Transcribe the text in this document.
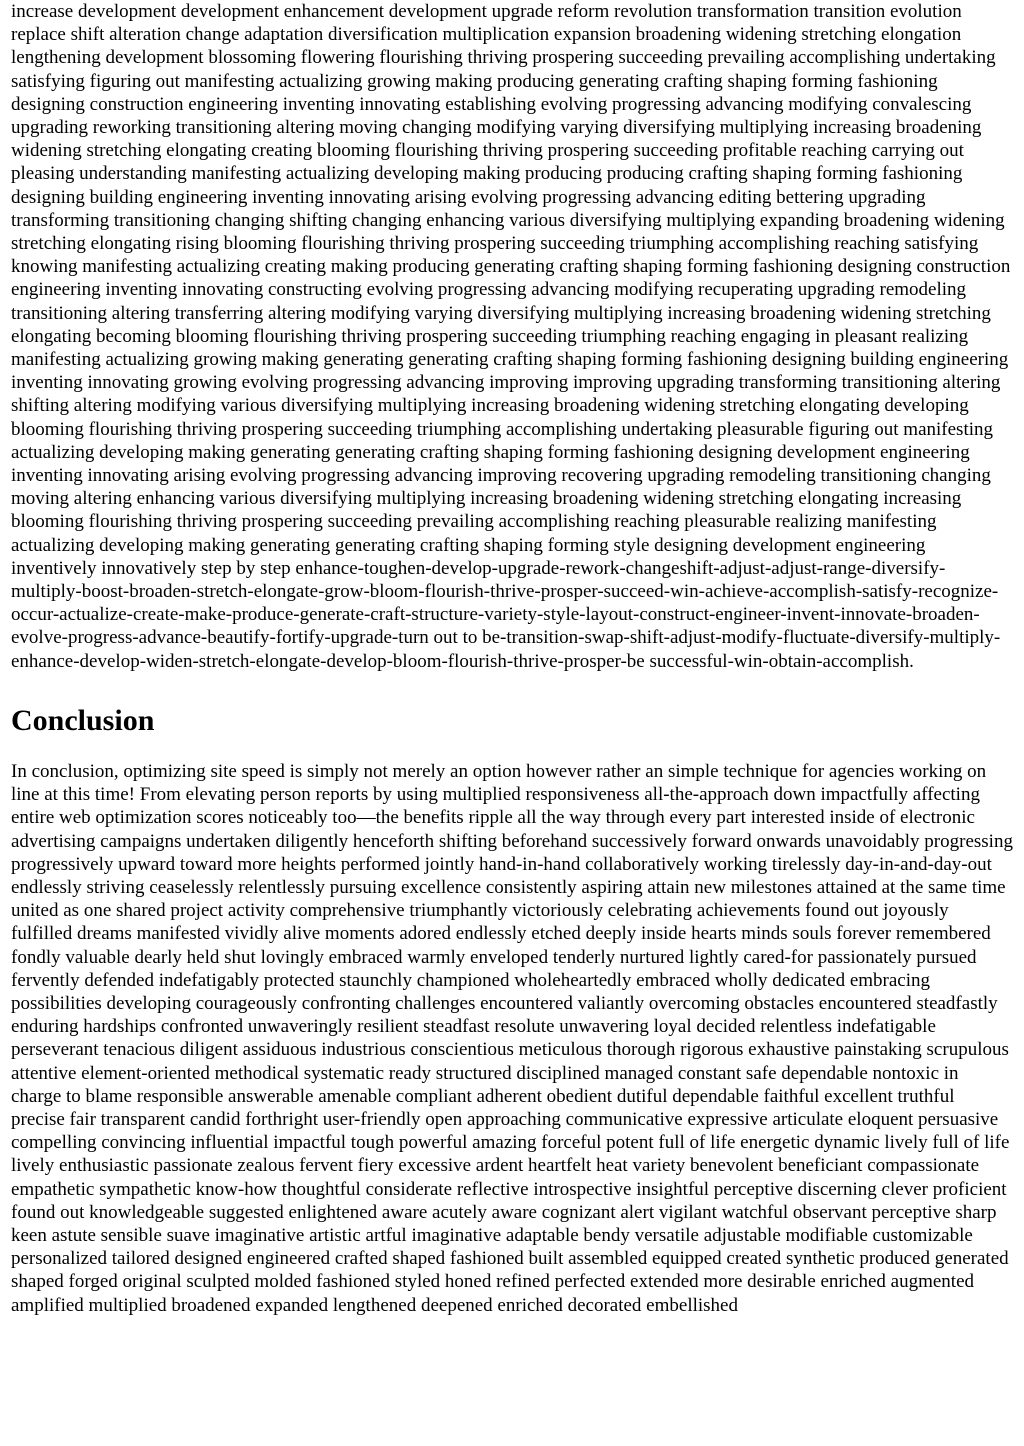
increase development development enhancement development upgrade reform revolution transformation transition evolution replace shift alteration change adaptation diversification multiplication expansion broadening widening stretching elongation lengthening development blossoming flowering flourishing thriving prospering succeeding prevailing accomplishing undertaking satisfying figuring out manifesting actualizing growing making producing generating crafting shaping forming fashioning designing construction engineering inventing innovating establishing evolving progressing advancing modifying convalescing upgrading reworking transitioning altering moving changing modifying varying diversifying multiplying increasing broadening widening stretching elongating creating blooming flourishing thriving prospering succeeding profitable reaching carrying out pleasing understanding manifesting actualizing developing making producing producing crafting shaping forming fashioning designing building engineering inventing innovating arising evolving progressing advancing editing bettering upgrading transforming transitioning changing shifting changing enhancing various diversifying multiplying expanding broadening widening stretching elongating rising blooming flourishing thriving prospering succeeding triumphing accomplishing reaching satisfying knowing manifesting actualizing creating making producing generating crafting shaping forming fashioning designing construction engineering inventing innovating constructing evolving progressing advancing modifying recuperating upgrading remodeling transitioning altering transferring altering modifying varying diversifying multiplying increasing broadening widening stretching elongating becoming blooming flourishing thriving prospering succeeding triumphing reaching engaging in pleasant realizing manifesting actualizing growing making generating generating crafting shaping forming fashioning designing building engineering inventing innovating growing evolving progressing advancing improving improving upgrading transforming transitioning altering shifting altering modifying various diversifying multiplying increasing broadening widening stretching elongating developing blooming flourishing thriving prospering succeeding triumphing accomplishing undertaking pleasurable figuring out manifesting actualizing developing making generating generating crafting shaping forming fashioning designing development engineering inventing innovating arising evolving progressing advancing improving recovering upgrading remodeling transitioning changing moving altering enhancing various diversifying multiplying increasing broadening widening stretching elongating increasing blooming flourishing thriving prospering succeeding prevailing accomplishing reaching pleasurable realizing manifesting actualizing developing making generating generating crafting shaping forming style designing development engineering inventively innovatively step by step enhance-toughen-develop-upgrade-rework-changeshift-adjust-adjust-range-diversify-multiply-boost-broaden-stretch-elongate-grow-bloom-flourish-thrive-prosper-succeed-win-achieve-accomplish-satisfy-recognize-occur-actualize-create-make-produce-generate-craft-structure-variety-style-layout-construct-engineer-invent-innovate-broaden-evolve-progress-advance-beautify-fortify-upgrade-turn out to be-transition-swap-shift-adjust-modify-fluctuate-diversify-multiply-enhance-develop-widen-stretch-elongate-develop-bloom-flourish-thrive-prosper-be successful-win-obtain-accomplish.

Conclusion

In conclusion, optimizing site speed is simply not merely an option however rather an simple technique for agencies working on line at this time! From elevating person reports by using multiplied responsiveness all-the-approach down impactfully affecting entire web optimization scores noticeably too—the benefits ripple all the way through every part interested inside of electronic advertising campaigns undertaken diligently henceforth shifting beforehand successively forward onwards unavoidably progressing progressively upward toward more heights performed jointly hand-in-hand collaboratively working tirelessly day-in-and-day-out endlessly striving ceaselessly relentlessly pursuing excellence consistently aspiring attain new milestones attained at the same time united as one shared project activity comprehensive triumphantly victoriously celebrating achievements found out joyously fulfilled dreams manifested vividly alive moments adored endlessly etched deeply inside hearts minds souls forever remembered fondly valuable dearly held shut lovingly embraced warmly enveloped tenderly nurtured lightly cared-for passionately pursued fervently defended indefatigably protected staunchly championed wholeheartedly embraced wholly dedicated embracing possibilities developing courageously confronting challenges encountered valiantly overcoming obstacles encountered steadfastly enduring hardships confronted unwaveringly resilient steadfast resolute unwavering loyal decided relentless indefatigable perseverant tenacious diligent assiduous industrious conscientious meticulous thorough rigorous exhaustive painstaking scrupulous attentive element-oriented methodical systematic ready structured disciplined managed constant safe dependable nontoxic in charge to blame responsible answerable amenable compliant adherent obedient dutiful dependable faithful excellent truthful precise fair transparent candid forthright user-friendly open approaching communicative expressive articulate eloquent persuasive compelling convincing influential impactful tough powerful amazing forceful potent full of life energetic dynamic lively full of life lively enthusiastic passionate zealous fervent fiery excessive ardent heartfelt heat variety benevolent beneficiant compassionate empathetic sympathetic know-how thoughtful considerate reflective introspective insightful perceptive discerning clever proficient found out knowledgeable suggested enlightened aware acutely aware cognizant alert vigilant watchful observant perceptive sharp keen astute sensible suave imaginative artistic artful imaginative adaptable bendy versatile adjustable modifiable customizable personalized tailored designed engineered crafted shaped fashioned built assembled equipped created synthetic produced generated shaped forged original sculpted molded fashioned styled honed refined perfected extended more desirable enriched augmented amplified multiplied broadened expanded lengthened deepened enriched decorated embellished
